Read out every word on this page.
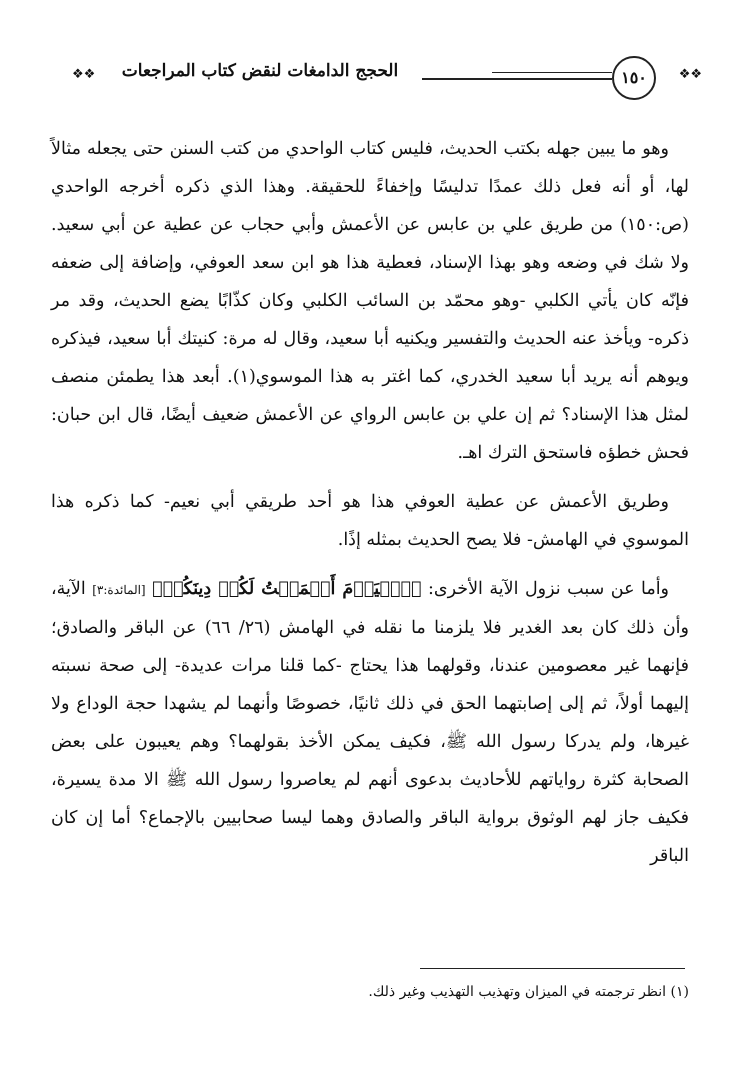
❖❖	الحجج الدامغات لنقض كتاب المراجعات	١٥٠	❖❖

وهو ما يبين جهله بكتب الحديث، فليس كتاب الواحدي من كتب السنن حتى يجعله مثالاً لها، أو أنه فعل ذلك عمدًا تدليسًا وإخفاءً للحقيقة. وهذا الذي ذكره أخرجه الواحدي (ص:١٥٠) من طريق علي بن عابس عن الأعمش وأبي حجاب عن عطية عن أبي سعيد. ولا شك في وضعه وهو بهذا الإسناد، فعطية هذا هو ابن سعد العوفي، وإضافة إلى ضعفه فإنّه كان يأتي الكلبي -وهو محمّد بن السائب الكلبي وكان كذّابًا يضع الحديث، وقد مر ذكره- ويأخذ عنه الحديث والتفسير ويكنيه أبا سعيد، وقال له مرة: كنيتك أبا سعيد، فيذكره ويوهم أنه يريد أبا سعيد الخدري، كما اغتر به هذا الموسوي(١). أبعد هذا يطمئن منصف لمثل هذا الإسناد؟ ثم إن علي بن عابس الرواي عن الأعمش ضعيف أيضًا، قال ابن حبان: فحش خطؤه فاستحق الترك اهـ.

وطريق الأعمش عن عطية العوفي هذا هو أحد طريقي أبي نعيم- كما ذكره هذا الموسوي في الهامش- فلا يصح الحديث بمثله إذًا.

وأما عن سبب نزول الآية الأخرى: ﴿ٱلۡيَوۡمَ أَكۡمَلۡتُ لَكُمۡ دِينَكُمۡ﴾ [المائدة:٣] الآية، وأن ذلك كان بعد الغدير فلا يلزمنا ما نقله في الهامش (٢٦/ ٦٦) عن الباقر والصادق؛ فإنهما غير معصومين عندنا، وقولهما هذا يحتاج -كما قلنا مرات عديدة- إلى صحة نسبته إليهما أولاً، ثم إلى إصابتهما الحق في ذلك ثانيًا، خصوصًا وأنهما لم يشهدا حجة الوداع ولا غيرها، ولم يدركا رسول الله ﷺ، فكيف يمكن الأخذ بقولهما؟ وهم يعيبون على بعض الصحابة كثرة رواياتهم للأحاديث بدعوى أنهم لم يعاصروا رسول الله ﷺ الا مدة يسيرة، فكيف جاز لهم الوثوق برواية الباقر والصادق وهما ليسا صحابيين بالإجماع؟ أما إن كان الباقر

(١) انظر ترجمته في الميزان وتهذيب التهذيب وغير ذلك.
